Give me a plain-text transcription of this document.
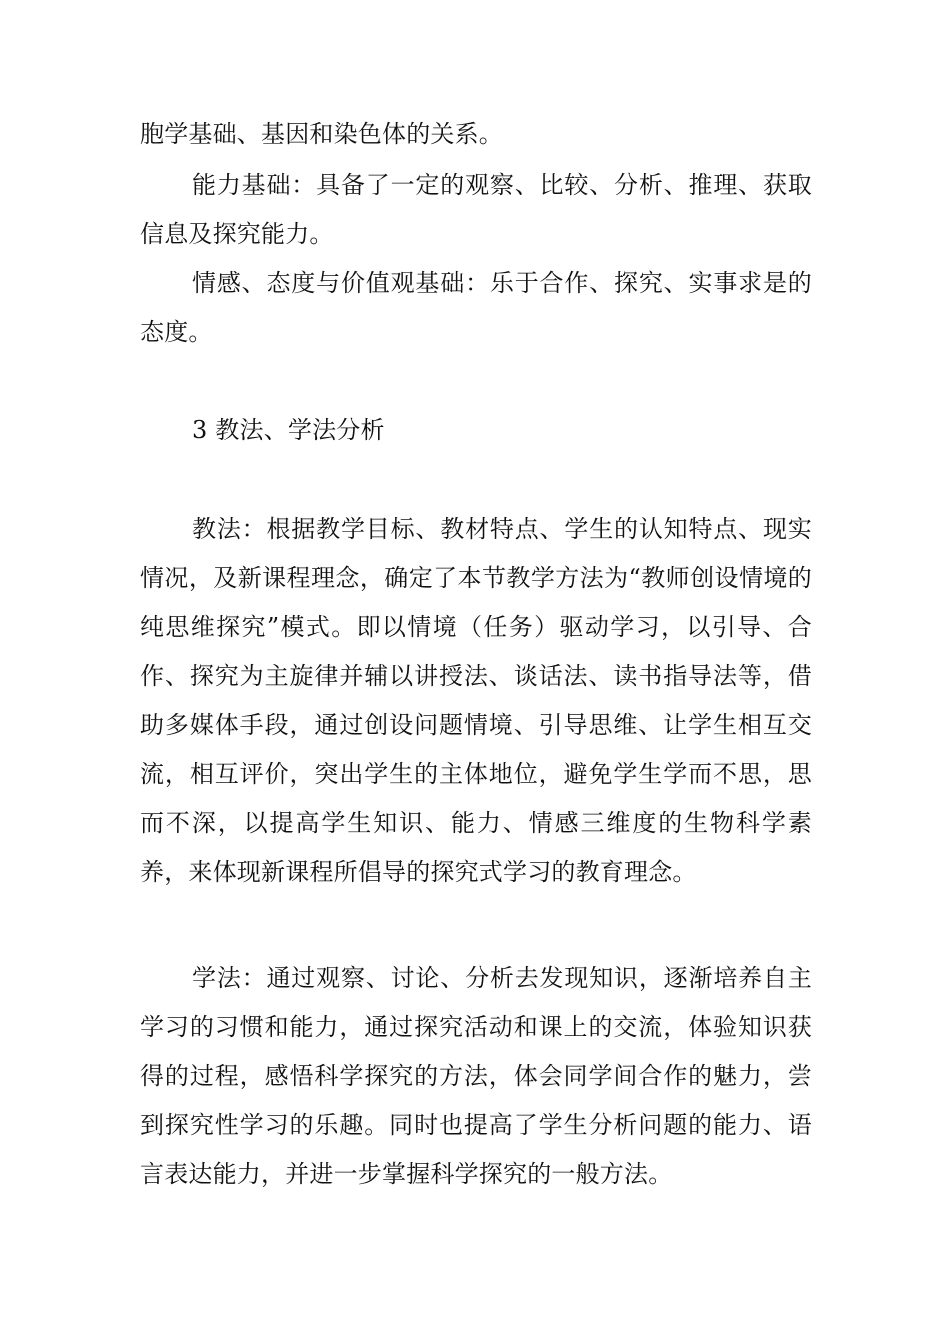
胞学基础、基因和染色体的关系。

能力基础：具备了一定的观察、比较、分析、推理、获取信息及探究能力。

情感、态度与价值观基础：乐于合作、探究、实事求是的态度。

3 教法、学法分析

教法：根据教学目标、教材特点、学生的认知特点、现实情况，及新课程理念，确定了本节教学方法为“教师创设情境的纯思维探究”模式。即以情境（任务）驱动学习，以引导、合作、探究为主旋律并辅以讲授法、谈话法、读书指导法等，借助多媒体手段，通过创设问题情境、引导思维、让学生相互交流，相互评价，突出学生的主体地位，避免学生学而不思，思而不深，以提高学生知识、能力、情感三维度的生物科学素养，来体现新课程所倡导的探究式学习的教育理念。

学法：通过观察、讨论、分析去发现知识，逐渐培养自主学习的习惯和能力，通过探究活动和课上的交流，体验知识获得的过程，感悟科学探究的方法，体会同学间合作的魅力，尝到探究性学习的乐趣。同时也提高了学生分析问题的能力、语言表达能力，并进一步掌握科学探究的一般方法。
